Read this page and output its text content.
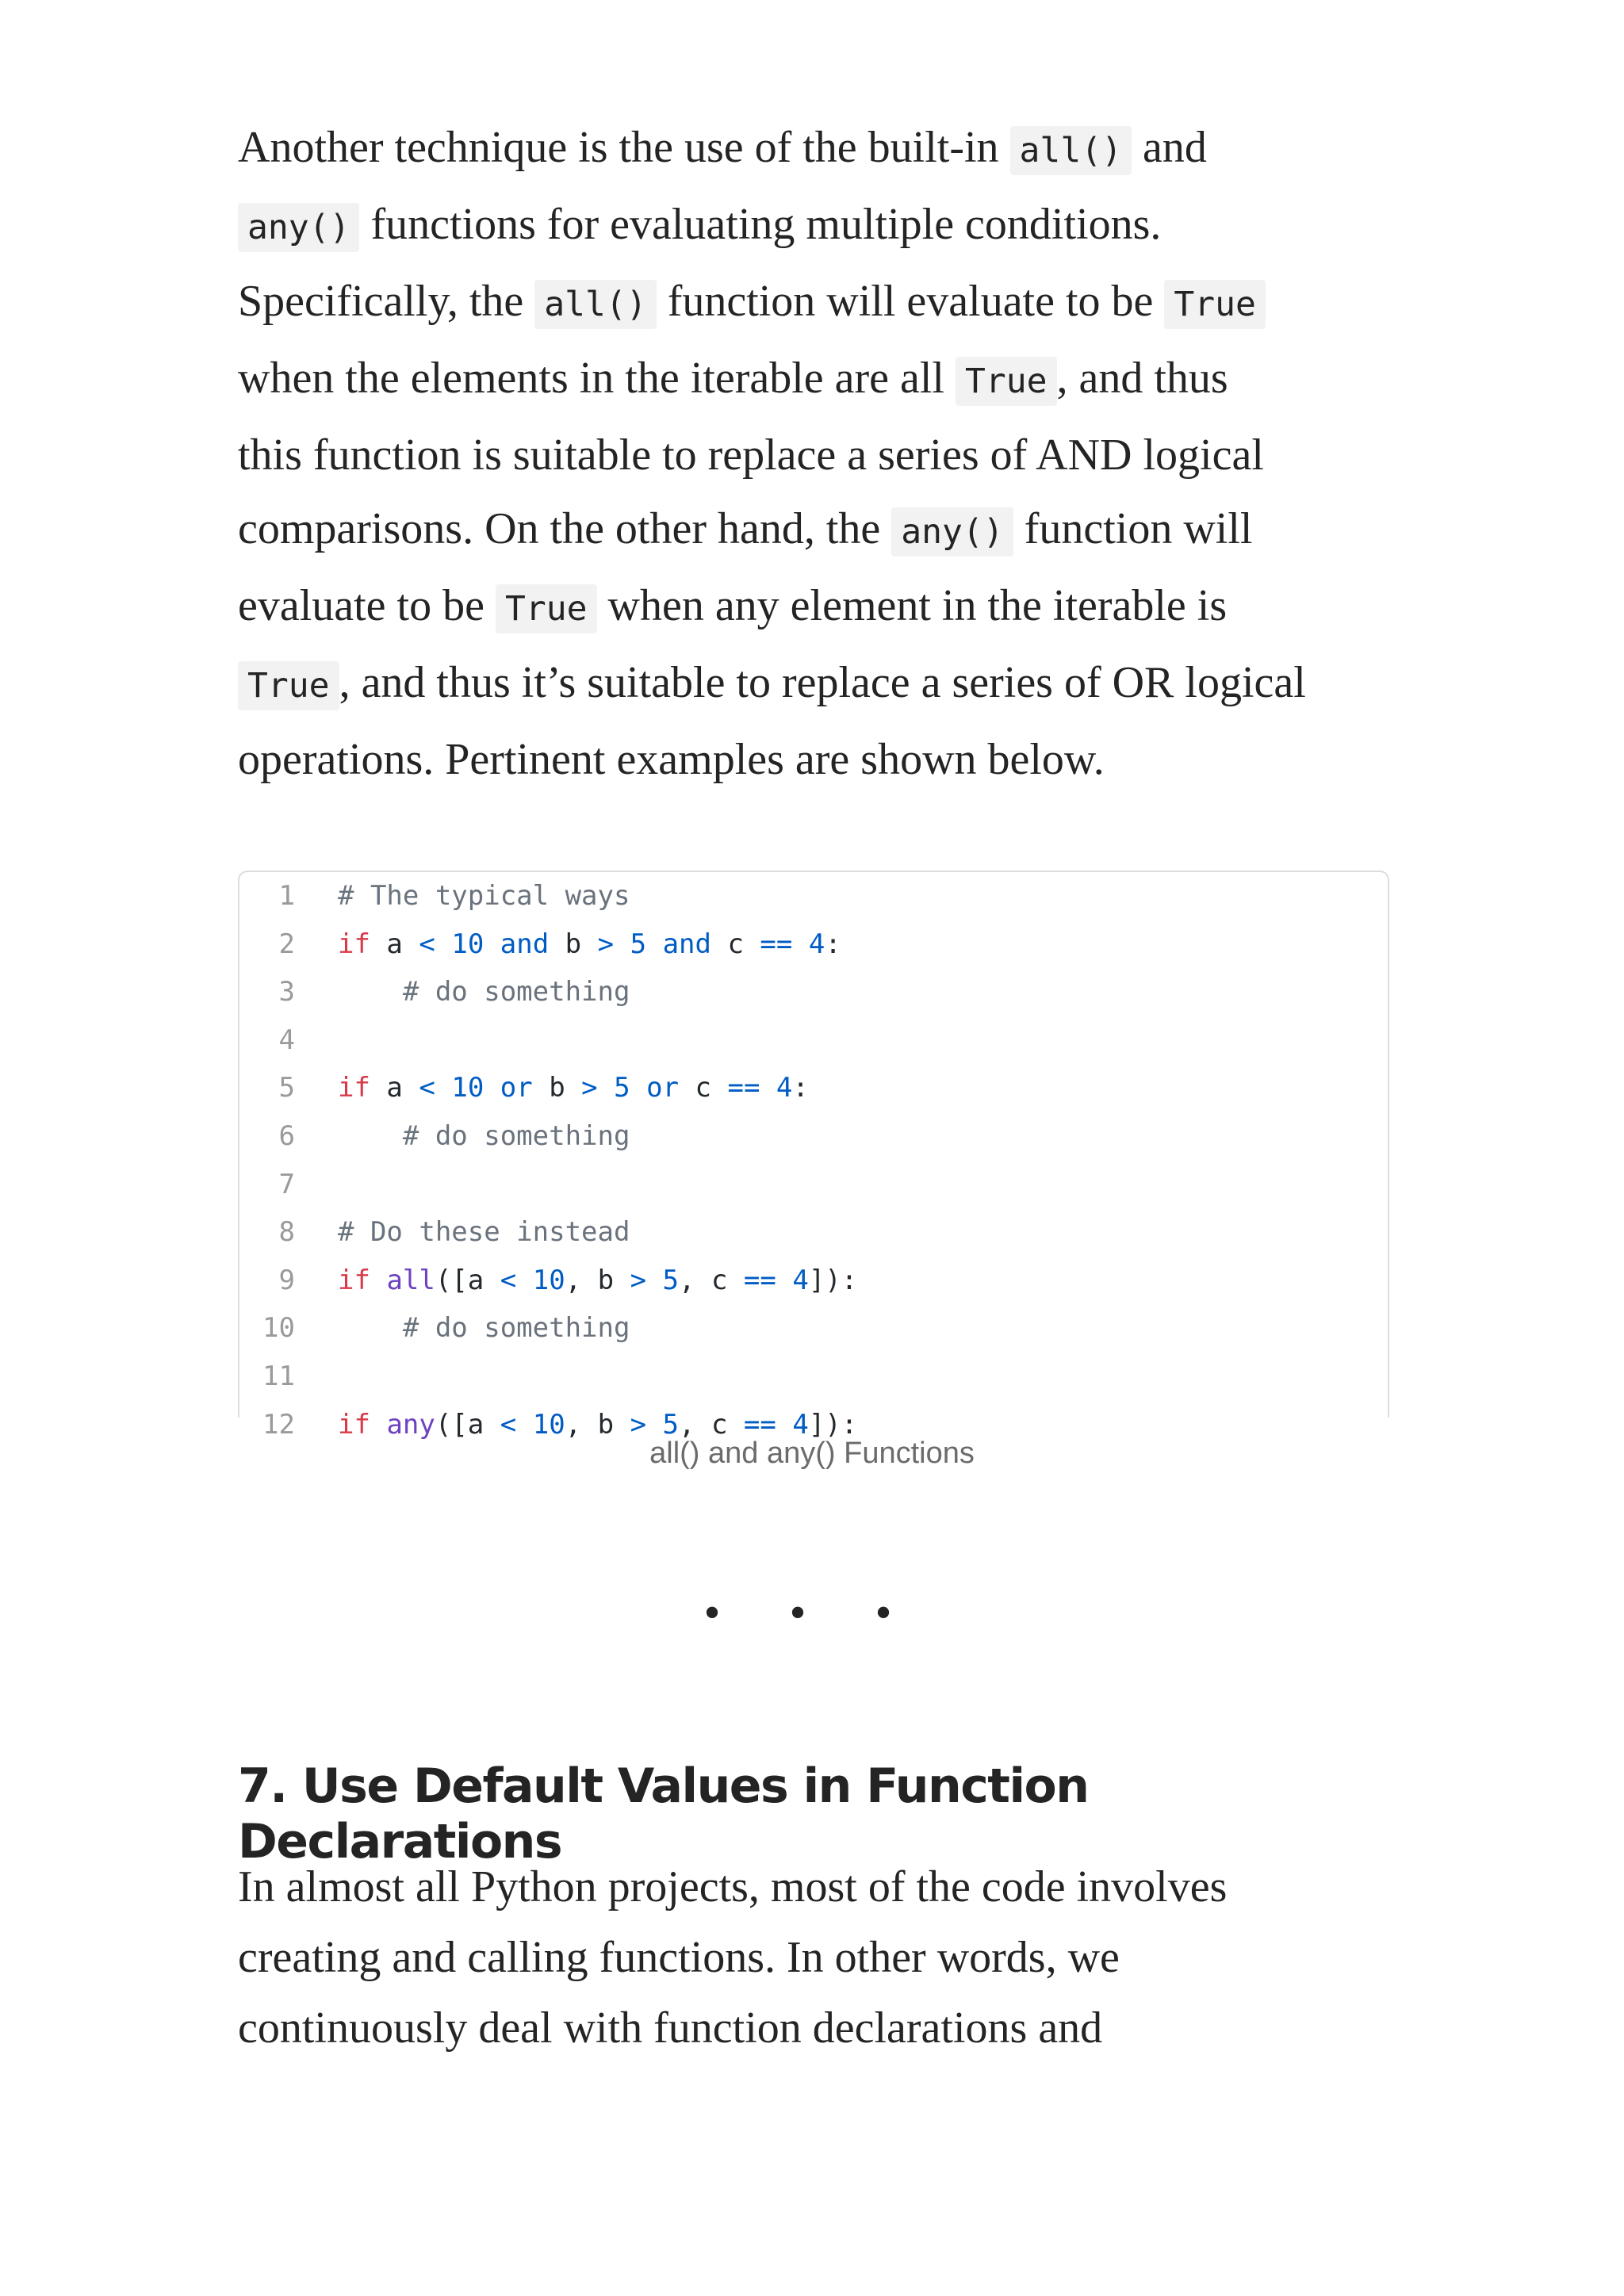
Another technique is the use of the built-in all() and
any() functions for evaluating multiple conditions.
Specifically, the all() function will evaluate to be True
when the elements in the iterable are all True , and thus
this function is suitable to replace a series of AND logical
comparisons. On the other hand, the any() function will
evaluate to be True when any element in the iterable is
True , and thus it’s suitable to replace a series of OR logical
operations. Pertinent examples are shown below.

1 # The typical ways
2 if a < 10 and b > 5 and c == 4:
3	# do something
4
5 if a < 10 or b > 5 or c == 4:
6	# do something
7
8 # Do these instead
9 if all([a < 10, b > 5, c == 4]):
10	# do something
11
12 if any([a < 10, b > 5, c == 4]):
all() and any() Functions
• • •
7. Use Default Values in Function Declarations

In almost all Python projects, most of the code involves
creating and calling functions. In other words, we
continuously deal with function declarations and
